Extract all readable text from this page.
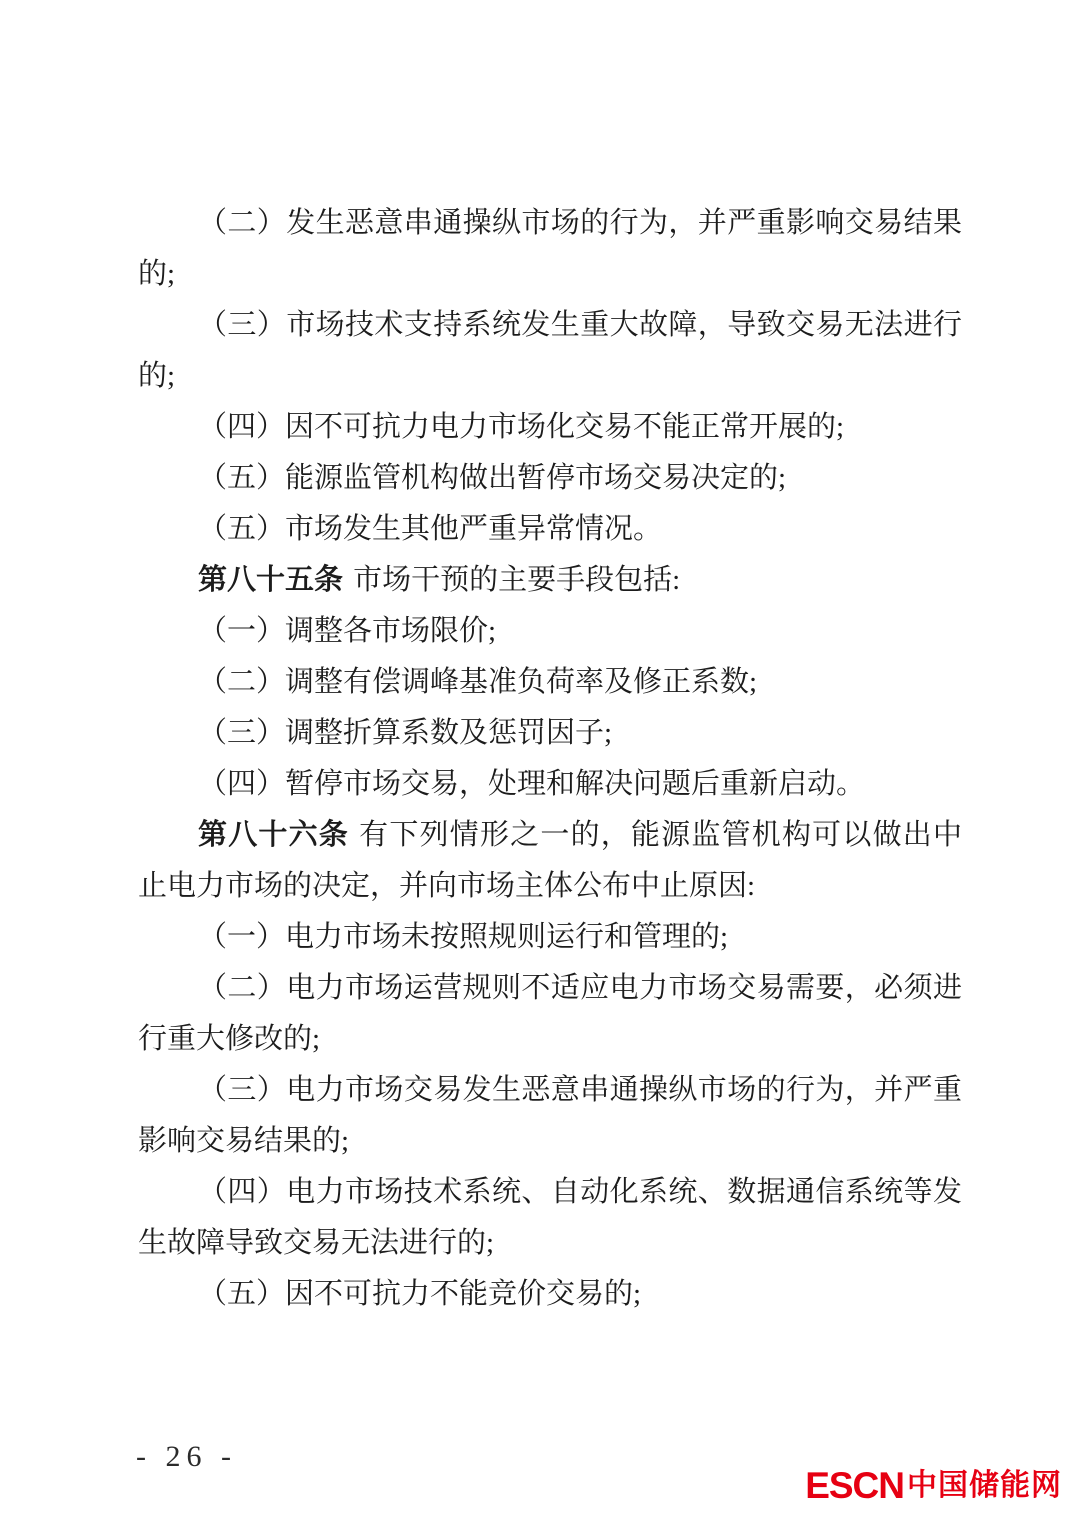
（二）发生恶意串通操纵市场的行为，并严重影响交易结果
的;
（三）市场技术支持系统发生重大故障，导致交易无法进行
的;
（四）因不可抗力电力市场化交易不能正常开展的;
（五）能源监管机构做出暂停市场交易决定的;
（五）市场发生其他严重异常情况。
第八十五条 市场干预的主要手段包括:
（一）调整各市场限价;
（二）调整有偿调峰基准负荷率及修正系数;
（三）调整折算系数及惩罚因子;
（四）暂停市场交易，处理和解决问题后重新启动。
第八十六条 有下列情形之一的，能源监管机构可以做出中
止电力市场的决定，并向市场主体公布中止原因:
（一）电力市场未按照规则运行和管理的;
（二）电力市场运营规则不适应电力市场交易需要，必须进
行重大修改的;
（三）电力市场交易发生恶意串通操纵市场的行为，并严重
影响交易结果的;
（四）电力市场技术系统、自动化系统、数据通信系统等发
生故障导致交易无法进行的;
（五）因不可抗力不能竞价交易的;
- 26 -
ESCN 中国储能网
